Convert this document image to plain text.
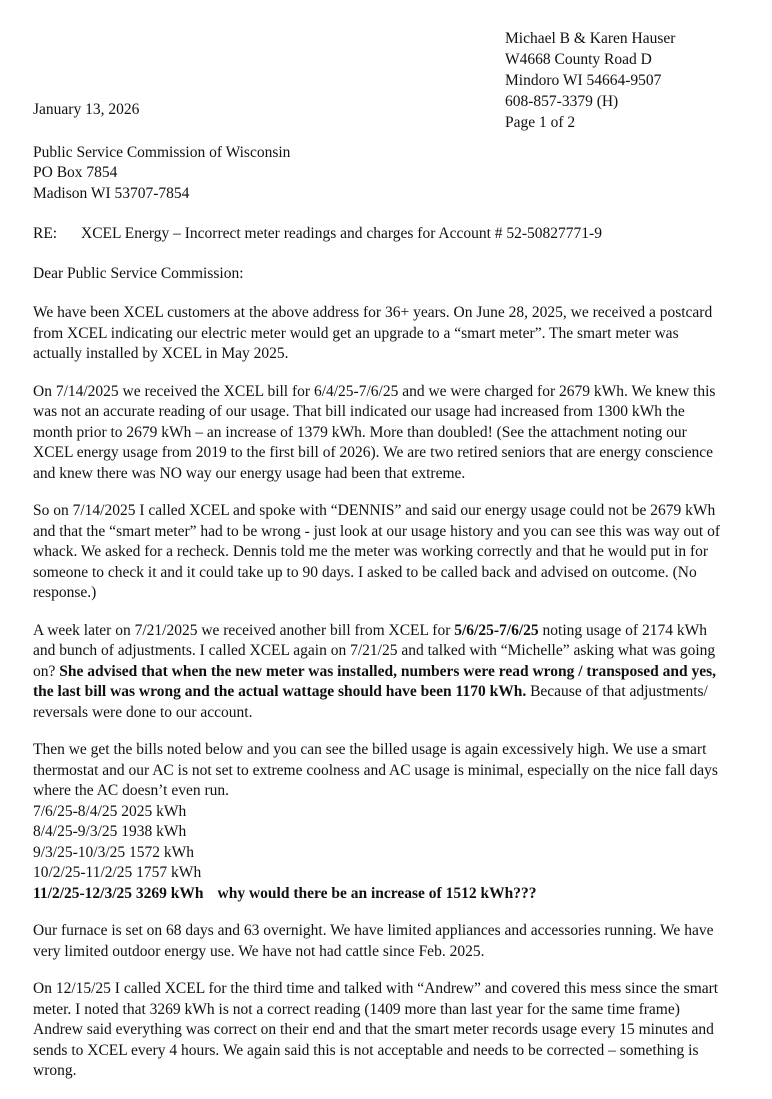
Michael B & Karen Hauser
W4668 County Road D
Mindoro WI 54664-9507
608-857-3379 (H)
Page 1 of 2
January 13, 2026
Public Service Commission of Wisconsin
PO Box 7854
Madison WI 53707-7854
RE: XCEL Energy – Incorrect meter readings and charges for Account # 52-50827771-9
Dear Public Service Commission:

We have been XCEL customers at the above address for 36+ years. On June 28, 2025, we received a postcard from XCEL indicating our electric meter would get an upgrade to a “smart meter”. The smart meter was actually installed by XCEL in May 2025.

On 7/14/2025 we received the XCEL bill for 6/4/25-7/6/25 and we were charged for 2679 kWh. We knew this was not an accurate reading of our usage. That bill indicated our usage had increased from 1300 kWh the month prior to 2679 kWh – an increase of 1379 kWh. More than doubled! (See the attachment noting our XCEL energy usage from 2019 to the first bill of 2026). We are two retired seniors that are energy conscience and knew there was NO way our energy usage had been that extreme.

So on 7/14/2025 I called XCEL and spoke with “DENNIS” and said our energy usage could not be 2679 kWh and that the “smart meter” had to be wrong - just look at our usage history and you can see this was way out of whack. We asked for a recheck. Dennis told me the meter was working correctly and that he would put in for someone to check it and it could take up to 90 days. I asked to be called back and advised on outcome. (No response.)

A week later on 7/21/2025 we received another bill from XCEL for 5/6/25-7/6/25 noting usage of 2174 kWh and bunch of adjustments. I called XCEL again on 7/21/25 and talked with “Michelle” asking what was going on? She advised that when the new meter was installed, numbers were read wrong / transposed and yes, the last bill was wrong and the actual wattage should have been 1170 kWh. Because of that adjustments/ reversals were done to our account.

Then we get the bills noted below and you can see the billed usage is again excessively high. We use a smart thermostat and our AC is not set to extreme coolness and AC usage is minimal, especially on the nice fall days where the AC doesn’t even run.

7/6/25-8/4/25 2025 kWh
8/4/25-9/3/25 1938 kWh
9/3/25-10/3/25 1572 kWh
10/2/25-11/2/25 1757 kWh
11/2/25-12/3/25 3269 kWh why would there be an increase of 1512 kWh???

Our furnace is set on 68 days and 63 overnight. We have limited appliances and accessories running. We have very limited outdoor energy use. We have not had cattle since Feb. 2025.

On 12/15/25 I called XCEL for the third time and talked with “Andrew” and covered this mess since the smart meter. I noted that 3269 kWh is not a correct reading (1409 more than last year for the same time frame) Andrew said everything was correct on their end and that the smart meter records usage every 15 minutes and sends to XCEL every 4 hours. We again said this is not acceptable and needs to be corrected – something is wrong.
